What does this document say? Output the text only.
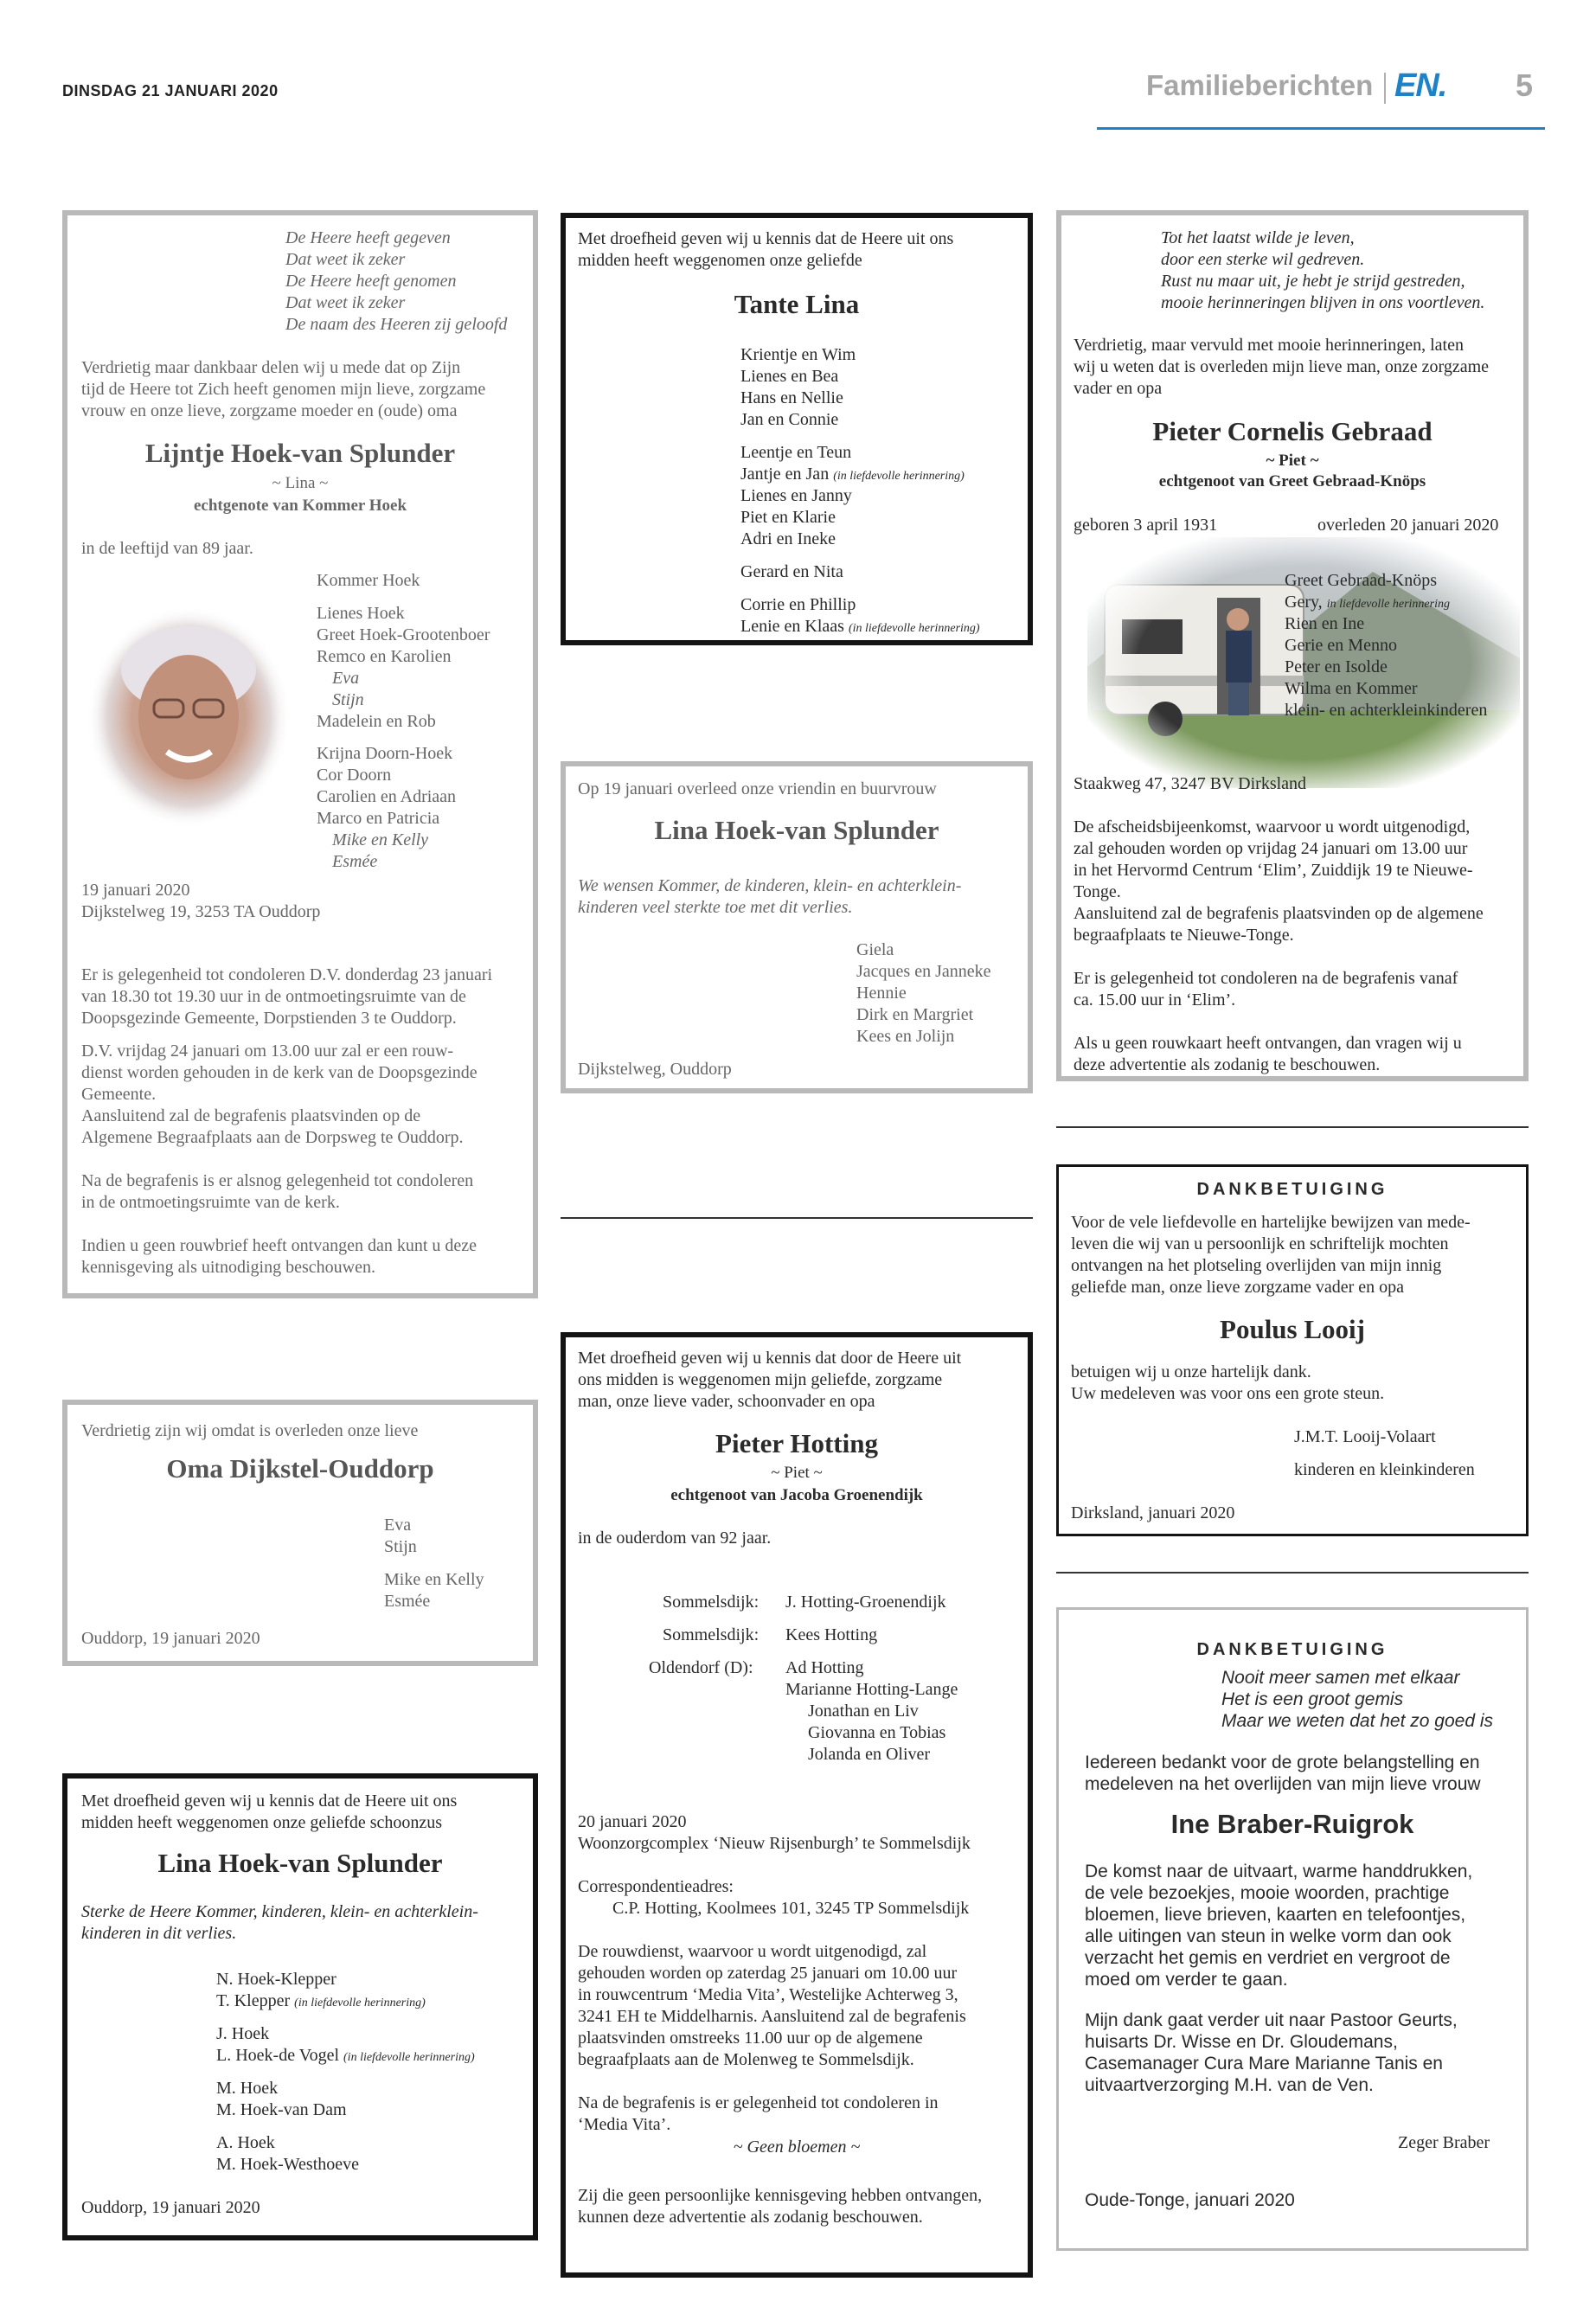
DINSDAG 21 JANUARI 2020	Familieberichten EN. 5

De Heere heeft gegeven

Dat weet ik zeker

De Heere heeft genomen

Dat weet ik zeker

De naam des Heeren zij geloofd

Verdrietig maar dankbaar delen wij u mede dat op Zijn

tijd de Heere tot Zich heeft genomen mijn lieve, zorgzame

vrouw en onze lieve, zorgzame moeder en (oude) oma

Lijntje Hoek-van Splunder
~ Lina ~
echtgenote van Kommer Hoek

in de leeftijd van 89 jaar.

Kommer Hoek

Lienes Hoek

Greet Hoek-Grootenboer

Remco en Karolien

Eva

Stijn

Madelein en Rob

Krijna Doorn-Hoek

Cor Doorn

Carolien en Adriaan

Marco en Patricia

Mike en Kelly

Esmée

19 januari 2020

Dijkstelweg 19, 3253 TA Ouddorp

Er is gelegenheid tot condoleren D.V. donderdag 23 januari

van 18.30 tot 19.30 uur in de ontmoetingsruimte van de

Doopsgezinde Gemeente, Dorpstienden 3 te Ouddorp.

D.V. vrijdag 24 januari om 13.00 uur zal er een rouw-

dienst worden gehouden in de kerk van de Doopsgezinde

Gemeente.

Aansluitend zal de begrafenis plaatsvinden op de

Algemene Begraafplaats aan de Dorpsweg te Ouddorp.

Na de begrafenis is er alsnog gelegenheid tot condoleren

in de ontmoetingsruimte van de kerk.

Indien u geen rouwbrief heeft ontvangen dan kunt u deze

kennisgeving als uitnodiging beschouwen.

Verdrietig zijn wij omdat is overleden onze lieve

Oma Dijkstel-Ouddorp

Eva

Stijn

Mike en Kelly

Esmée

Ouddorp, 19 januari 2020

Met droefheid geven wij u kennis dat de Heere uit ons

midden heeft weggenomen onze geliefde schoonzus

Lina Hoek-van Splunder

Sterke de Heere Kommer, kinderen, klein- en achterklein-

kinderen in dit verlies.

N. Hoek-Klepper

T. Klepper (in liefdevolle herinnering)

J. Hoek

L. Hoek-de Vogel (in liefdevolle herinnering)

M. Hoek

M. Hoek-van Dam

A. Hoek

M. Hoek-Westhoeve

Ouddorp, 19 januari 2020

Met droefheid geven wij u kennis dat de Heere uit ons

midden heeft weggenomen onze geliefde

Tante Lina

Krientje en Wim

Lienes en Bea

Hans en Nellie

Jan en Connie

Leentje en Teun

Jantje en Jan (in liefdevolle herinnering)

Lienes en Janny

Piet en Klarie

Adri en Ineke

Gerard en Nita

Corrie en Phillip

Lenie en Klaas (in liefdevolle herinnering)

Op 19 januari overleed onze vriendin en buurvrouw

Lina Hoek-van Splunder

We wensen Kommer, de kinderen, klein- en achterklein-

kinderen veel sterkte toe met dit verlies.

Giela

Jacques en Janneke

Hennie

Dirk en Margriet

Kees en Jolijn

Dijkstelweg, Ouddorp

Met droefheid geven wij u kennis dat door de Heere uit

ons midden is weggenomen mijn geliefde, zorgzame

man, onze lieve vader, schoonvader en opa

Pieter Hotting
~ Piet ~
echtgenoot van Jacoba Groenendijk

in de ouderdom van 92 jaar.

Sommelsdijk: J. Hotting-Groenendijk

Sommelsdijk: Kees Hotting

Oldendorf (D): Ad Hotting

Marianne Hotting-Lange

Jonathan en Liv

Giovanna en Tobias

Jolanda en Oliver

20 januari 2020

Woonzorgcomplex ‘Nieuw Rijsenburgh’ te Sommelsdijk

Correspondentieadres:

C.P. Hotting, Koolmees 101, 3245 TP Sommelsdijk

De rouwdienst, waarvoor u wordt uitgenodigd, zal

gehouden worden op zaterdag 25 januari om 10.00 uur

in rouwcentrum ‘Media Vita’, Westelijke Achterweg 3,

3241 EH te Middelharnis. Aansluitend zal de begrafenis

plaatsvinden omstreeks 11.00 uur op de algemene

begraafplaats aan de Molenweg te Sommelsdijk.

Na de begrafenis is er gelegenheid tot condoleren in

‘Media Vita’.

~ Geen bloemen ~

Zij die geen persoonlijke kennisgeving hebben ontvangen,

kunnen deze advertentie als zodanig beschouwen.

Tot het laatst wilde je leven,

door een sterke wil gedreven.

Rust nu maar uit, je hebt je strijd gestreden,

mooie herinneringen blijven in ons voortleven.

Verdrietig, maar vervuld met mooie herinneringen, laten

wij u weten dat is overleden mijn lieve man, onze zorgzame

vader en opa

Pieter Cornelis Gebraad
~ Piet ~
echtgenoot van Greet Gebraad-Knöps

geboren 3 april 1931	overleden 20 januari 2020

Greet Gebraad-Knöps

Gery, in liefdevolle herinnering

Rien en Ine

Gerie en Menno

Peter en Isolde

Wilma en Kommer

klein- en achterkleinkinderen

Staakweg 47, 3247 BV Dirksland

De afscheidsbijeenkomst, waarvoor u wordt uitgenodigd,

zal gehouden worden op vrijdag 24 januari om 13.00 uur

in het Hervormd Centrum ‘Elim’, Zuiddijk 19 te Nieuwe-

Tonge.

Aansluitend zal de begrafenis plaatsvinden op de algemene

begraafplaats te Nieuwe-Tonge.

Er is gelegenheid tot condoleren na de begrafenis vanaf

ca. 15.00 uur in ‘Elim’.

Als u geen rouwkaart heeft ontvangen, dan vragen wij u

deze advertentie als zodanig te beschouwen.

DANKBETUIGING

Voor de vele liefdevolle en hartelijke bewijzen van mede-

leven die wij van u persoonlijk en schriftelijk mochten

ontvangen na het plotseling overlijden van mijn innig

geliefde man, onze lieve zorgzame vader en opa

Poulus Looij

betuigen wij u onze hartelijk dank.

Uw medeleven was voor ons een grote steun.

J.M.T. Looij-Volaart

kinderen en kleinkinderen

Dirksland, januari 2020

DANKBETUIGING

Nooit meer samen met elkaar

Het is een groot gemis

Maar we weten dat het zo goed is

Iedereen bedankt voor de grote belangstelling en

medeleven na het overlijden van mijn lieve vrouw

Ine Braber-Ruigrok

De komst naar de uitvaart, warme handdrukken,

de vele bezoekjes, mooie woorden, prachtige

bloemen, lieve brieven, kaarten en telefoontjes,

alle uitingen van steun in welke vorm dan ook

verzacht het gemis en verdriet en vergroot de

moed om verder te gaan.

Mijn dank gaat verder uit naar Pastoor Geurts,

huisarts Dr. Wisse en Dr. Gloudemans,

Casemanager Cura Mare Marianne Tanis en

uitvaartverzorging M.H. van de Ven.

Zeger Braber

Oude-Tonge, januari 2020
